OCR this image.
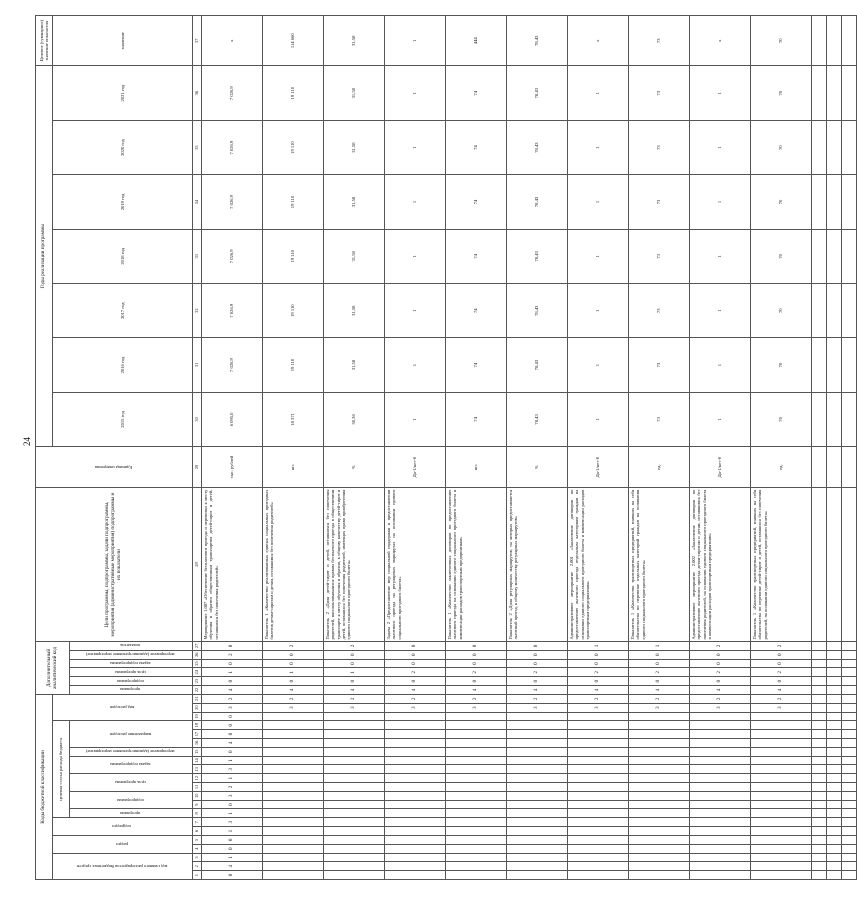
24
Коды бюджетной классификации																					Дополнительный аналитический код						Цели программы, подпрограммы, задачи подпрограммы, мероприятия (административные мероприятия) подпрограммы и их показатели	Единица измерения	Годы реализации программы							Целевое (суммарное) значение показателя
код главного распорядителя бюджетных средств			раздел		подраздел		целевая статья расхода бюджета											вид расходов											2015 год	2016 год	2017 год	2018 год	2019 год	2020 год	2021 год	значение
							программа	подпрограмма		цель программы		задача подпрограммы		мероприятие (административное мероприятие)	направление расходов						программа	подпрограмма	цель программы	задача подпрограммы	мероприятие (административное мероприятие)	показатель										
1	2	3	4	5	6	7	8	9	10	11	12	13	14	15	16	17	18	19	20	21	22	23	24	25	26	27	28	29	30	31	32	33	34	35	36	37
0	4	1	0	0	1	3	1	0	3	2	1	3	1	0	4	0	0	0	3	2	4	0	1	0	2	0	Мероприятие 1.007 «Обеспечение бесплатного проезда и перевозки к месту обучения и обратно общественным транспортом детей-сирот и детей, оставшихся без попечения родителей»	тыс. рублей	6 095,0	7 026,9	7 026,9	7 026,9	7 026,9	7 026,9	7 026,9	x
																			3	2	4	0	1	0	0	2	Показатель 1 «Количество реализованных единых социальных проездных билетов детям-сиротам и детям, оставшимся без попечения родителей»	шт.	18 371	19 110	19 110	19 110	19 110	19 110	19 110	114 660
																			3	2	4	0	1	0	0	2	Показатель 2 «Доля детей-сирот и детей, оставшихся без попечения родителей, воспользовавшихся правом бесплатного проезда в общественном транспорте к месту обучения и обратно, к общему количеству детей-сирот и детей, оставшихся без попечения родителей, имеющих право приобретения единого социального проездного билета»	%	30,36	31,58	31,58	31,58	31,58	31,58	31,58	31,58
																			3	2	4	0	2	0	0	0	Задача 2 «Предоставление мер социальной поддержки в предоставлении льготного проезда на регулярных маршрутах на основании единого социального проездного билета»	Да-1/нет-0	1	1	1	1	1	1	1	1
																			3	2	4	0	2	0	0	0	Показатель 1 «Количество заключенных договоров по предоставлению льготного проезда на основании единого социального проездного билета и компенсации расходов транспортным предприятиям»	шт.	74	74	74	74	74	74	74	444
																			3	2	4	0	2	0	0	0	Показатель 2 «Доля регулярных маршрутов, на которых предоставляется льготный проезд, к общему количеству регулярных маршрутов»	%	78,43	78,43	78,43	78,43	78,43	78,43	78,43	78,43
																			3	2	4	0	2	0	0	1	Административное мероприятие 2.001 «Заключение договоров по предоставлению льготного проезда отдельным категориям граждан на основании единого социального проездного билета и компенсации расходов транспортным предприятиям»	Да-1/нет-0	1	1	1	1	1	1	1	x
																			3	2	4	0	2	0	0	1	Показатель 1 «Количество транспортных предприятий, взявших на себя обязательства по перевозке отдельных категорий граждан на основании единого социального проездного билета»	ед.	73	73	73	73	73	73	73	73
																			3	2	4	0	2	0	0	2	Административное мероприятие 2.002 «Заключение договоров по предоставлению льготного проезда детям-сиротам и детям, оставшимся без попечения родителей, на основании единого социального проездного билета и компенсации расходов транспортным предприятиям»	Да-1/нет-0	1	1	1	1	1	1	1	x
																			3	2	4	0	2	0	0	2	Показатель 1 «Количество транспортных предприятий, взявших на себя обязательства по перевозке детей-сирот и детей, оставшихся без попечения родителей, на основании единого социального проездного билета»	ед.	70	70	70	70	70	70	70	70
